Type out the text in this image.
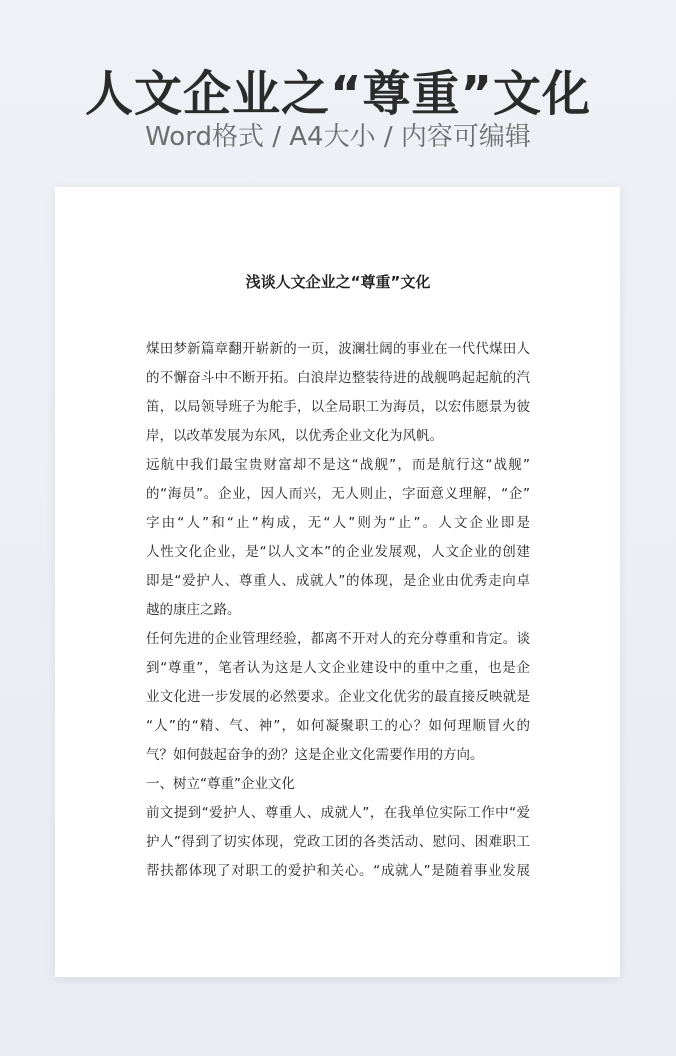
人文企业之“尊重”文化
Word格式 / A4大小 / 内容可编辑
浅谈人文企业之“尊重”文化
煤田梦新篇章翻开崭新的一页，波澜壮阔的事业在一代代煤田人
的不懈奋斗中不断开拓。白浪岸边整装待进的战舰鸣起起航的汽
笛，以局领导班子为舵手，以全局职工为海员，以宏伟愿景为彼
岸，以改革发展为东风，以优秀企业文化为风帆。
远航中我们最宝贵财富却不是这“战舰”，而是航行这“战舰”
的“海员”。企业，因人而兴，无人则止，字面意义理解，“企”
字由“人”和“止”构成，无“人”则为“止”。人文企业即是
人性文化企业，是“以人文本”的企业发展观，人文企业的创建
即是“爱护人、尊重人、成就人”的体现，是企业由优秀走向卓
越的康庄之路。
任何先进的企业管理经验，都离不开对人的充分尊重和肯定。谈
到“尊重”，笔者认为这是人文企业建设中的重中之重，也是企
业文化进一步发展的必然要求。企业文化优劣的最直接反映就是
“人”的“精、气、神”，如何凝聚职工的心？如何理顺冒火的
气？如何鼓起奋争的劲？这是企业文化需要作用的方向。
一、树立“尊重”企业文化
前文提到“爱护人、尊重人、成就人”，在我单位实际工作中“爱
护人”得到了切实体现，党政工团的各类活动、慰问、困难职工
帮扶都体现了对职工的爱护和关心。“成就人”是随着事业发展
